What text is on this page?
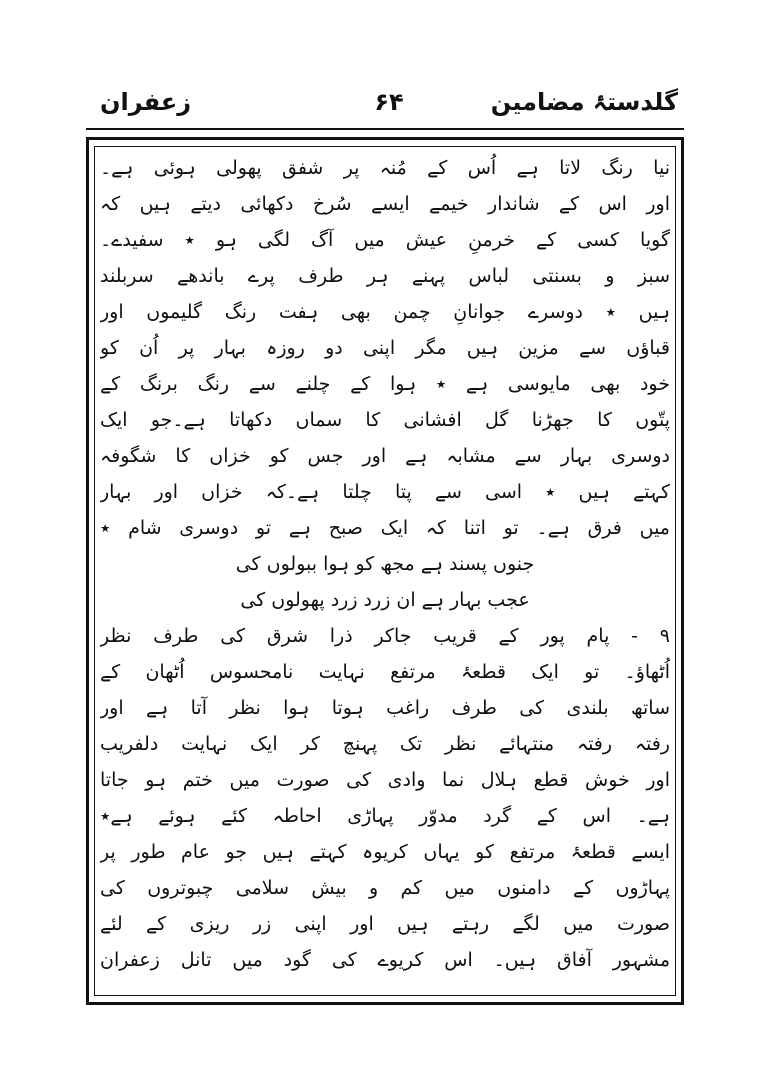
گلدستۂ مضامین
۶۴
زعفران
نیا رنگ لاتا ہے اُس کے مُنہ پر شفق پھولی ہوئی ہے۔
اور اس کے شاندار خیمے ایسے سُرخ دکھائی دیتے ہیں کہ
گویا کسی کے خرمنِ عیش میں آگ لگی ہو ٭ سفیدے۔
سبز و بسنتی لباس پہنے ہر طرف پرے باندھے سربلند
ہیں ٭ دوسرے جوانانِ چمن بھی ہفت رنگ گلیموں اور
قباؤں سے مزین ہیں مگر اپنی دو روزہ بہار پر اُن کو
خود بھی مایوسی ہے ٭ ہوا کے چلنے سے رنگ برنگ کے
پتّوں کا جھڑنا گل افشانی کا سماں دکھاتا ہے۔جو ایک
دوسری بہار سے مشابہ ہے اور جس کو خزاں کا شگوفہ
کہتے ہیں ٭ اسی سے پتا چلتا ہے۔کہ خزاں اور بہار
میں فرق ہے۔ تو اتنا کہ ایک صبح ہے تو دوسری شام ٭
جنوں پسند ہے مجھ کو ہوا ببولوں کی
عجب بہار ہے ان زرد زرد پھولوں کی
۹ - پام پور کے قریب جاکر ذرا شرق کی طرف نظر
اُٹھاؤ۔ تو ایک قطعۂ مرتفع نہایت نامحسوس اُٹھان کے
ساتھ بلندی کی طرف راغب ہوتا ہوا نظر آتا ہے اور
رفتہ رفتہ منتہائے نظر تک پہنچ کر ایک نہایت دلفریب
اور خوش قطع ہلال نما وادی کی صورت میں ختم ہو جاتا
ہے۔ اس کے گرد مدوّر پہاڑی احاطہ کئے ہوئے ہے٭
ایسے قطعۂ مرتفع کو یہاں کریوہ کہتے ہیں جو عام طور پر
پہاڑوں کے دامنوں میں کم و بیش سلامی چبوتروں کی
صورت میں لگے رہتے ہیں اور اپنی زر ریزی کے لئے
مشہور آفاق ہیں۔ اس کریوے کی گود میں تانل زعفران
